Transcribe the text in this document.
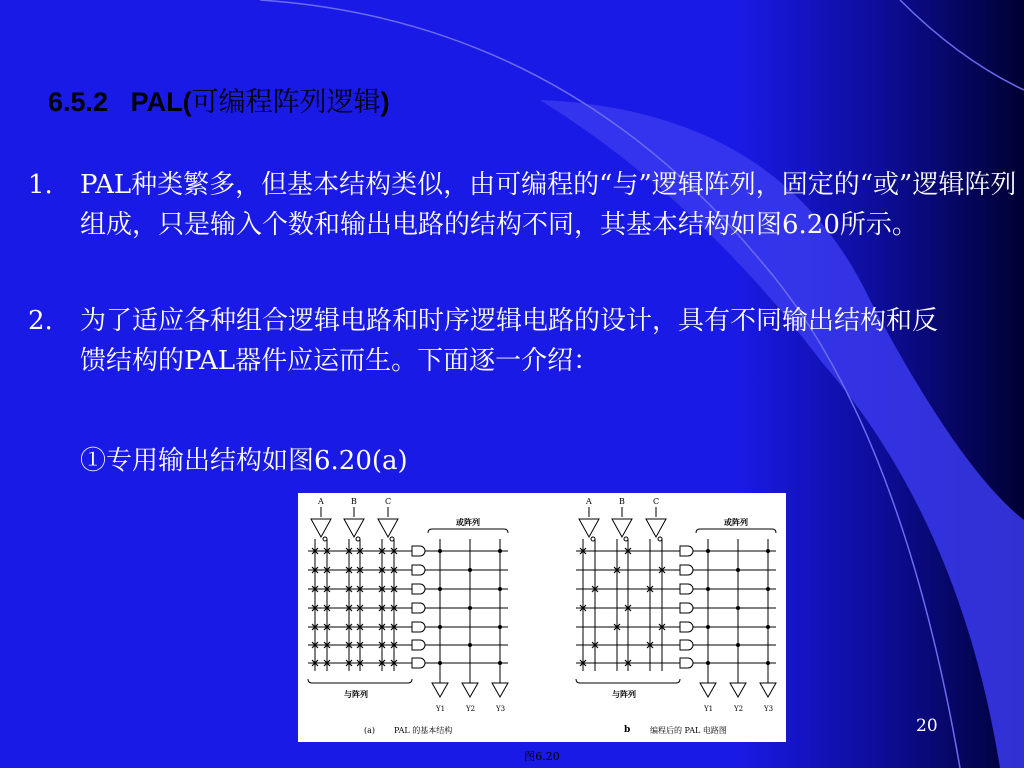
6.5.2 PAL(可编程阵列逻辑)
1.	PAL种类繁多，但基本结构类似，由可编程的“与”逻辑阵列，固定的“或”逻辑阵列组成，只是输入个数和输出电路的结构不同，其基本结构如图6.20所示。
2.	为了适应各种组合逻辑电路和时序逻辑电路的设计，具有不同输出结构和反馈结构的PAL器件应运而生。下面逐一介绍：
①专用输出结构如图6.20(a)
A	B	C
Y1	Y2	Y3
或阵列
与阵列
A	B	C
Y1	Y2	Y3
或阵列
与阵列
(a) PAL 的基本结构	b 编程后的 PAL 电路图
图6.20
20
